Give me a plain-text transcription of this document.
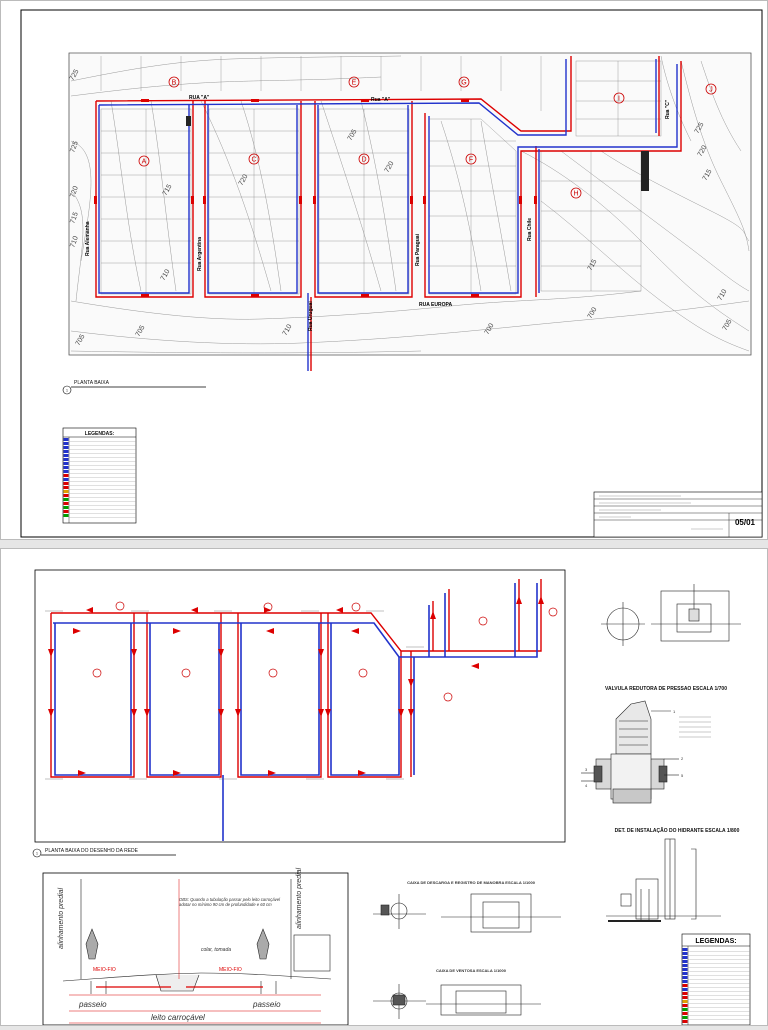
RUA "A"	Rua "A"
Rua Alemanha	Rua Argentina
Rua Uruguai
Rua Paraguai
Rua Chile
RUA EUROPA
Rua "C"
725
725
720
715
710
705	710
705
700
720
715
710
705
720
715
700
725
720
715
710
705
A
B
C	D
E
F
G
H
I
J
1
PLANTA BAIXA
LEGENDAS:
05/01
1 PLANTA BAIXA DO DESENHO DA REDE
VALVULA REDUTORA DE PRESSAO ESCALA 1/700
1
2
5
3
4
DET. DE INSTALAÇÃO DO HIDRANTE ESCALA 1/800
alinhamento predial	alinhamento predial
OBS: Quando a tubulação passar pelo leito carroçável adotar no mínimo 90 cm de profundidade e 60 cm
colar, tomada
MEIO-FIO	MEIO-FIO
passeio	passeio
leito carroçável
CAIXA DE DESCARGA E REGISTRO DE MANOBRA ESCALA 1/1000
CAIXA DE VENTOSA ESCALA 1/1000
LEGENDAS:
